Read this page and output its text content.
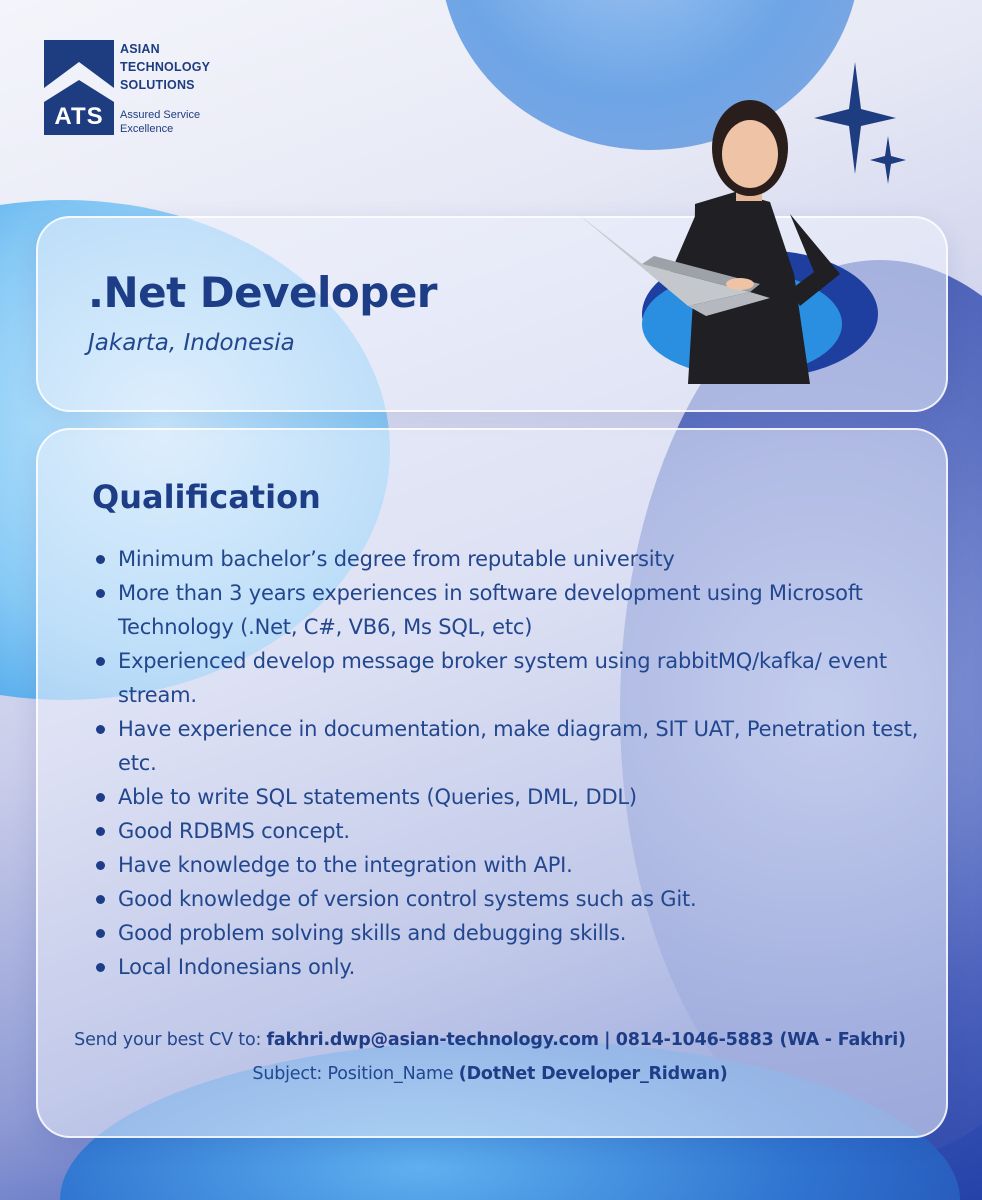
ATS
ASIAN
TECHNOLOGY
SOLUTIONS
Assured Service
Excellence
.Net Developer
Jakarta, Indonesia
Qualification
Minimum bachelor’s degree from reputable university
More than 3 years experiences in software development using Microsoft Technology (.Net, C#, VB6, Ms SQL, etc)
Experienced develop message broker system using rabbitMQ/kafka/ event stream.
Have experience in documentation, make diagram, SIT UAT, Penetration test, etc.
Able to write SQL statements (Queries, DML, DDL)
Good RDBMS concept.
Have knowledge to the integration with API.
Good knowledge of version control systems such as Git.
Good problem solving skills and debugging skills.
Local Indonesians only.
Send your best CV to: fakhri.dwp@asian-technology.com | 0814-1046-5883 (WA - Fakhri)
Subject: Position_Name (DotNet Developer_Ridwan)
